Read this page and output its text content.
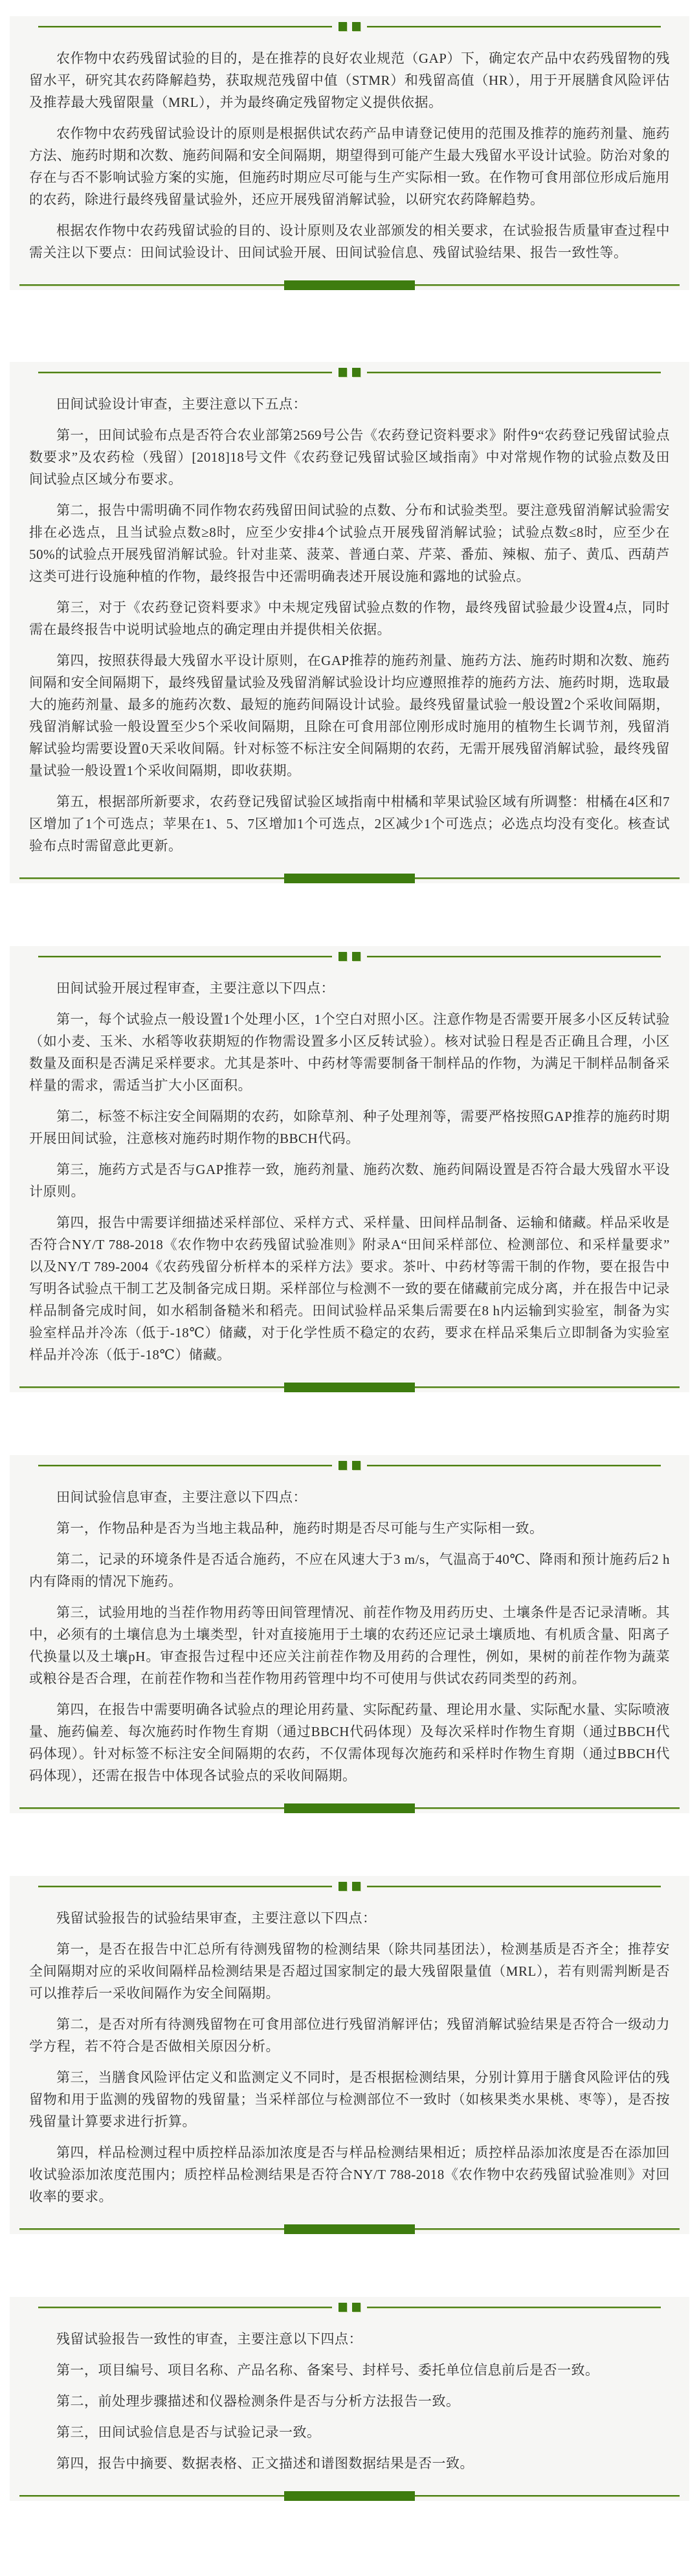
农作物中农药残留试验的目的，是在推荐的良好农业规范（GAP）下，确定农产品中农药残留物的残留水平，研究其农药降解趋势，获取规范残留中值（STMR）和残留高值（HR），用于开展膳食风险评估及推荐最大残留限量（MRL），并为最终确定残留物定义提供依据。

农作物中农药残留试验设计的原则是根据供试农药产品申请登记使用的范围及推荐的施药剂量、施药方法、施药时期和次数、施药间隔和安全间隔期，期望得到可能产生最大残留水平设计试验。防治对象的存在与否不影响试验方案的实施，但施药时期应尽可能与生产实际相一致。在作物可食用部位形成后施用的农药，除进行最终残留量试验外，还应开展残留消解试验，以研究农药降解趋势。

根据农作物中农药残留试验的目的、设计原则及农业部颁发的相关要求，在试验报告质量审查过程中需关注以下要点：田间试验设计、田间试验开展、田间试验信息、残留试验结果、报告一致性等。

田间试验设计审查，主要注意以下五点：

第一，田间试验布点是否符合农业部第2569号公告《农药登记资料要求》附件9“农药登记残留试验点数要求”及农药检（残留）[2018]18号文件《农药登记残留试验区域指南》中对常规作物的试验点数及田间试验点区域分布要求。

第二，报告中需明确不同作物农药残留田间试验的点数、分布和试验类型。要注意残留消解试验需安排在必选点，且当试验点数≥8时，应至少安排4个试验点开展残留消解试验；试验点数≤8时，应至少在50%的试验点开展残留消解试验。针对韭菜、菠菜、普通白菜、芹菜、番茄、辣椒、茄子、黄瓜、西葫芦这类可进行设施种植的作物，最终报告中还需明确表述开展设施和露地的试验点。

第三，对于《农药登记资料要求》中未规定残留试验点数的作物，最终残留试验最少设置4点，同时需在最终报告中说明试验地点的确定理由并提供相关依据。

第四，按照获得最大残留水平设计原则，在GAP推荐的施药剂量、施药方法、施药时期和次数、施药间隔和安全间隔期下，最终残留量试验及残留消解试验设计均应遵照推荐的施药方法、施药时期，选取最大的施药剂量、最多的施药次数、最短的施药间隔设计试验。最终残留量试验一般设置2个采收间隔期，残留消解试验一般设置至少5个采收间隔期，且除在可食用部位刚形成时施用的植物生长调节剂，残留消解试验均需要设置0天采收间隔。针对标签不标注安全间隔期的农药，无需开展残留消解试验，最终残留量试验一般设置1个采收间隔期，即收获期。

第五，根据部所新要求，农药登记残留试验区域指南中柑橘和苹果试验区域有所调整：柑橘在4区和7区增加了1个可选点；苹果在1、5、7区增加1个可选点，2区减少1个可选点；必选点均没有变化。核查试验布点时需留意此更新。

田间试验开展过程审查，主要注意以下四点：

第一，每个试验点一般设置1个处理小区，1个空白对照小区。注意作物是否需要开展多小区反转试验（如小麦、玉米、水稻等收获期短的作物需设置多小区反转试验）。核对试验日程是否正确且合理，小区数量及面积是否满足采样要求。尤其是茶叶、中药材等需要制备干制样品的作物，为满足干制样品制备采样量的需求，需适当扩大小区面积。

第二，标签不标注安全间隔期的农药，如除草剂、种子处理剂等，需要严格按照GAP推荐的施药时期开展田间试验，注意核对施药时期作物的BBCH代码。

第三，施药方式是否与GAP推荐一致，施药剂量、施药次数、施药间隔设置是否符合最大残留水平设计原则。

第四，报告中需要详细描述采样部位、采样方式、采样量、田间样品制备、运输和储藏。样品采收是否符合NY/T 788-2018《农作物中农药残留试验准则》附录A“田间采样部位、检测部位、和采样量要求”以及NY/T 789-2004《农药残留分析样本的采样方法》要求。茶叶、中药材等需干制的作物，要在报告中写明各试验点干制工艺及制备完成日期。采样部位与检测不一致的要在储藏前完成分离，并在报告中记录样品制备完成时间，如水稻制备糙米和稻壳。田间试验样品采集后需要在8 h内运输到实验室，制备为实验室样品并冷冻（低于-18℃）储藏，对于化学性质不稳定的农药，要求在样品采集后立即制备为实验室样品并冷冻（低于-18℃）储藏。

田间试验信息审查，主要注意以下四点：

第一，作物品种是否为当地主栽品种，施药时期是否尽可能与生产实际相一致。

第二，记录的环境条件是否适合施药，不应在风速大于3 m/s，气温高于40℃、降雨和预计施药后2 h内有降雨的情况下施药。

第三，试验用地的当茬作物用药等田间管理情况、前茬作物及用药历史、土壤条件是否记录清晰。其中，必须有的土壤信息为土壤类型，针对直接施用于土壤的农药还应记录土壤质地、有机质含量、阳离子代换量以及土壤pH。审查报告过程中还应关注前茬作物及用药的合理性，例如，果树的前茬作物为蔬菜或粮谷是否合理，在前茬作物和当茬作物用药管理中均不可使用与供试农药同类型的药剂。

第四，在报告中需要明确各试验点的理论用药量、实际配药量、理论用水量、实际配水量、实际喷液量、施药偏差、每次施药时作物生育期（通过BBCH代码体现）及每次采样时作物生育期（通过BBCH代码体现）。针对标签不标注安全间隔期的农药，不仅需体现每次施药和采样时作物生育期（通过BBCH代码体现），还需在报告中体现各试验点的采收间隔期。

残留试验报告的试验结果审查，主要注意以下四点：

第一，是否在报告中汇总所有待测残留物的检测结果（除共同基团法），检测基质是否齐全；推荐安全间隔期对应的采收间隔样品检测结果是否超过国家制定的最大残留限量值（MRL），若有则需判断是否可以推荐后一采收间隔作为安全间隔期。

第二，是否对所有待测残留物在可食用部位进行残留消解评估；残留消解试验结果是否符合一级动力学方程，若不符合是否做相关原因分析。

第三，当膳食风险评估定义和监测定义不同时，是否根据检测结果，分别计算用于膳食风险评估的残留物和用于监测的残留物的残留量；当采样部位与检测部位不一致时（如核果类水果桃、枣等），是否按残留量计算要求进行折算。

第四，样品检测过程中质控样品添加浓度是否与样品检测结果相近；质控样品添加浓度是否在添加回收试验添加浓度范围内；质控样品检测结果是否符合NY/T 788-2018《农作物中农药残留试验准则》对回收率的要求。

残留试验报告一致性的审查，主要注意以下四点：

第一，项目编号、项目名称、产品名称、备案号、封样号、委托单位信息前后是否一致。

第二，前处理步骤描述和仪器检测条件是否与分析方法报告一致。

第三，田间试验信息是否与试验记录一致。

第四，报告中摘要、数据表格、正文描述和谱图数据结果是否一致。
